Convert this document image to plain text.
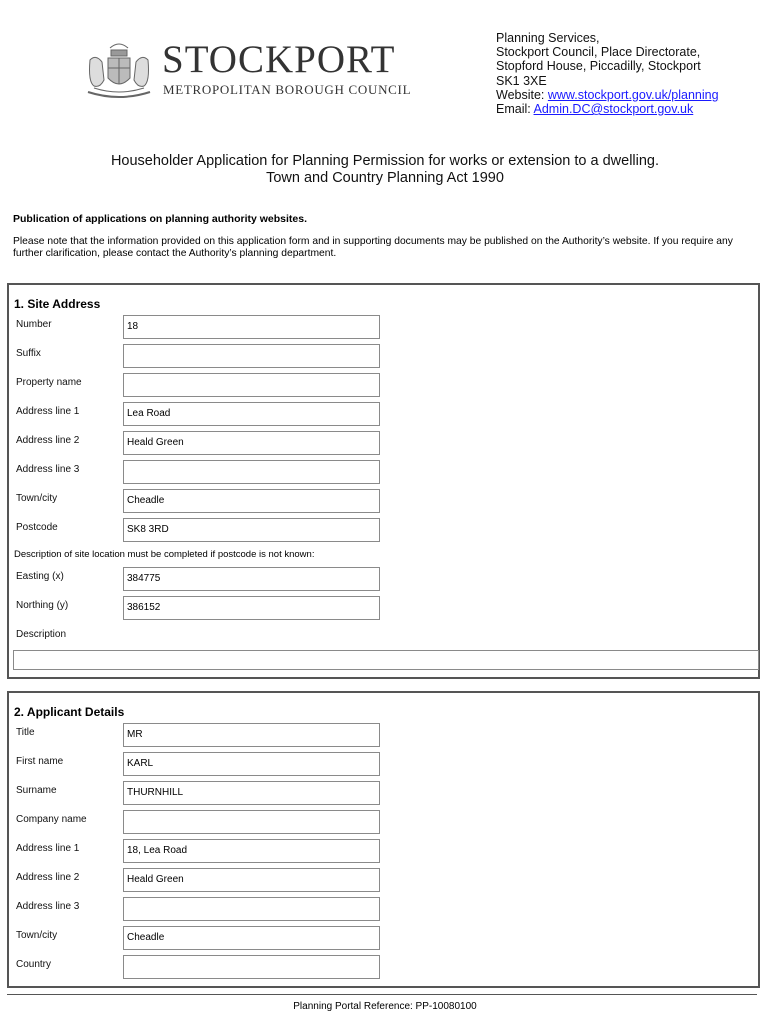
STOCKPORT
METROPOLITAN BOROUGH COUNCIL
Planning Services,
Stockport Council, Place Directorate,
Stopford House, Piccadilly, Stockport
SK1 3XE
Website: www.stockport.gov.uk/planning
Email: Admin.DC@stockport.gov.uk
Householder Application for Planning Permission for works or extension to a dwelling.
Town and Country Planning Act 1990
Publication of applications on planning authority websites.
Please note that the information provided on this application form and in supporting documents may be published on the Authority’s website. If you require any further clarification, please contact the Authority’s planning department.
1. Site Address
Number	18
Suffix
Property name
Address line 1	Lea Road
Address line 2	Heald Green
Address line 3
Town/city	Cheadle
Postcode	SK8 3RD
Description of site location must be completed if postcode is not known:
Easting (x)	384775
Northing (y)	386152
Description
2. Applicant Details
Title	MR
First name	KARL
Surname	THURNHILL
Company name
Address line 1	18, Lea Road
Address line 2	Heald Green
Address line 3
Town/city	Cheadle
Country
Planning Portal Reference: PP-10080100
